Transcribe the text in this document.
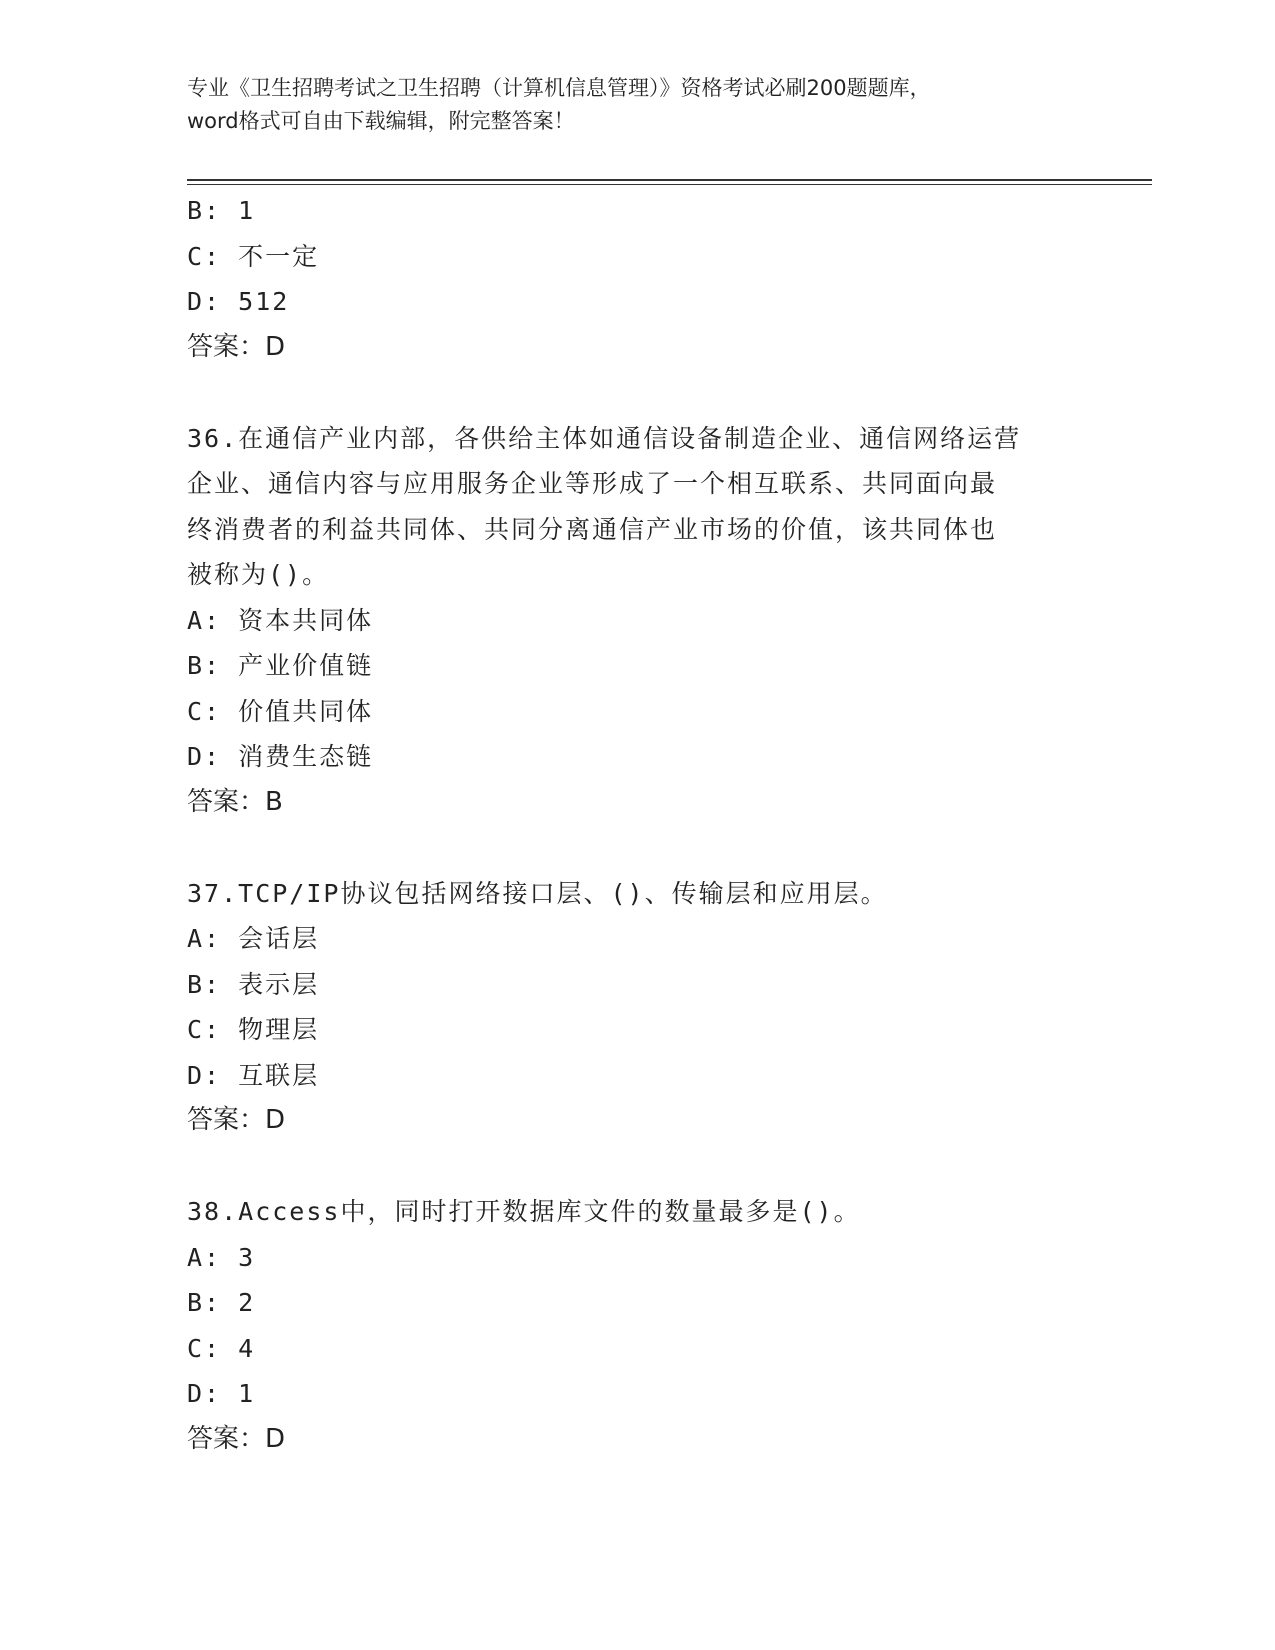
专业《卫生招聘考试之卫生招聘（计算机信息管理）》资格考试必刷200题题库，
word格式可自由下载编辑，附完整答案！
B: 1
C: 不一定
D: 512
答案：D
36.在通信产业内部，各供给主体如通信设备制造企业、通信网络运营
企业、通信内容与应用服务企业等形成了一个相互联系、共同面向最
终消费者的利益共同体、共同分离通信产业市场的价值，该共同体也
被称为()。
A: 资本共同体
B: 产业价值链
C: 价值共同体
D: 消费生态链
答案：B
37.TCP/IP协议包括网络接口层、()、传输层和应用层。
A: 会话层
B: 表示层
C: 物理层
D: 互联层
答案：D
38.Access中，同时打开数据库文件的数量最多是()。
A: 3
B: 2
C: 4
D: 1
答案：D
